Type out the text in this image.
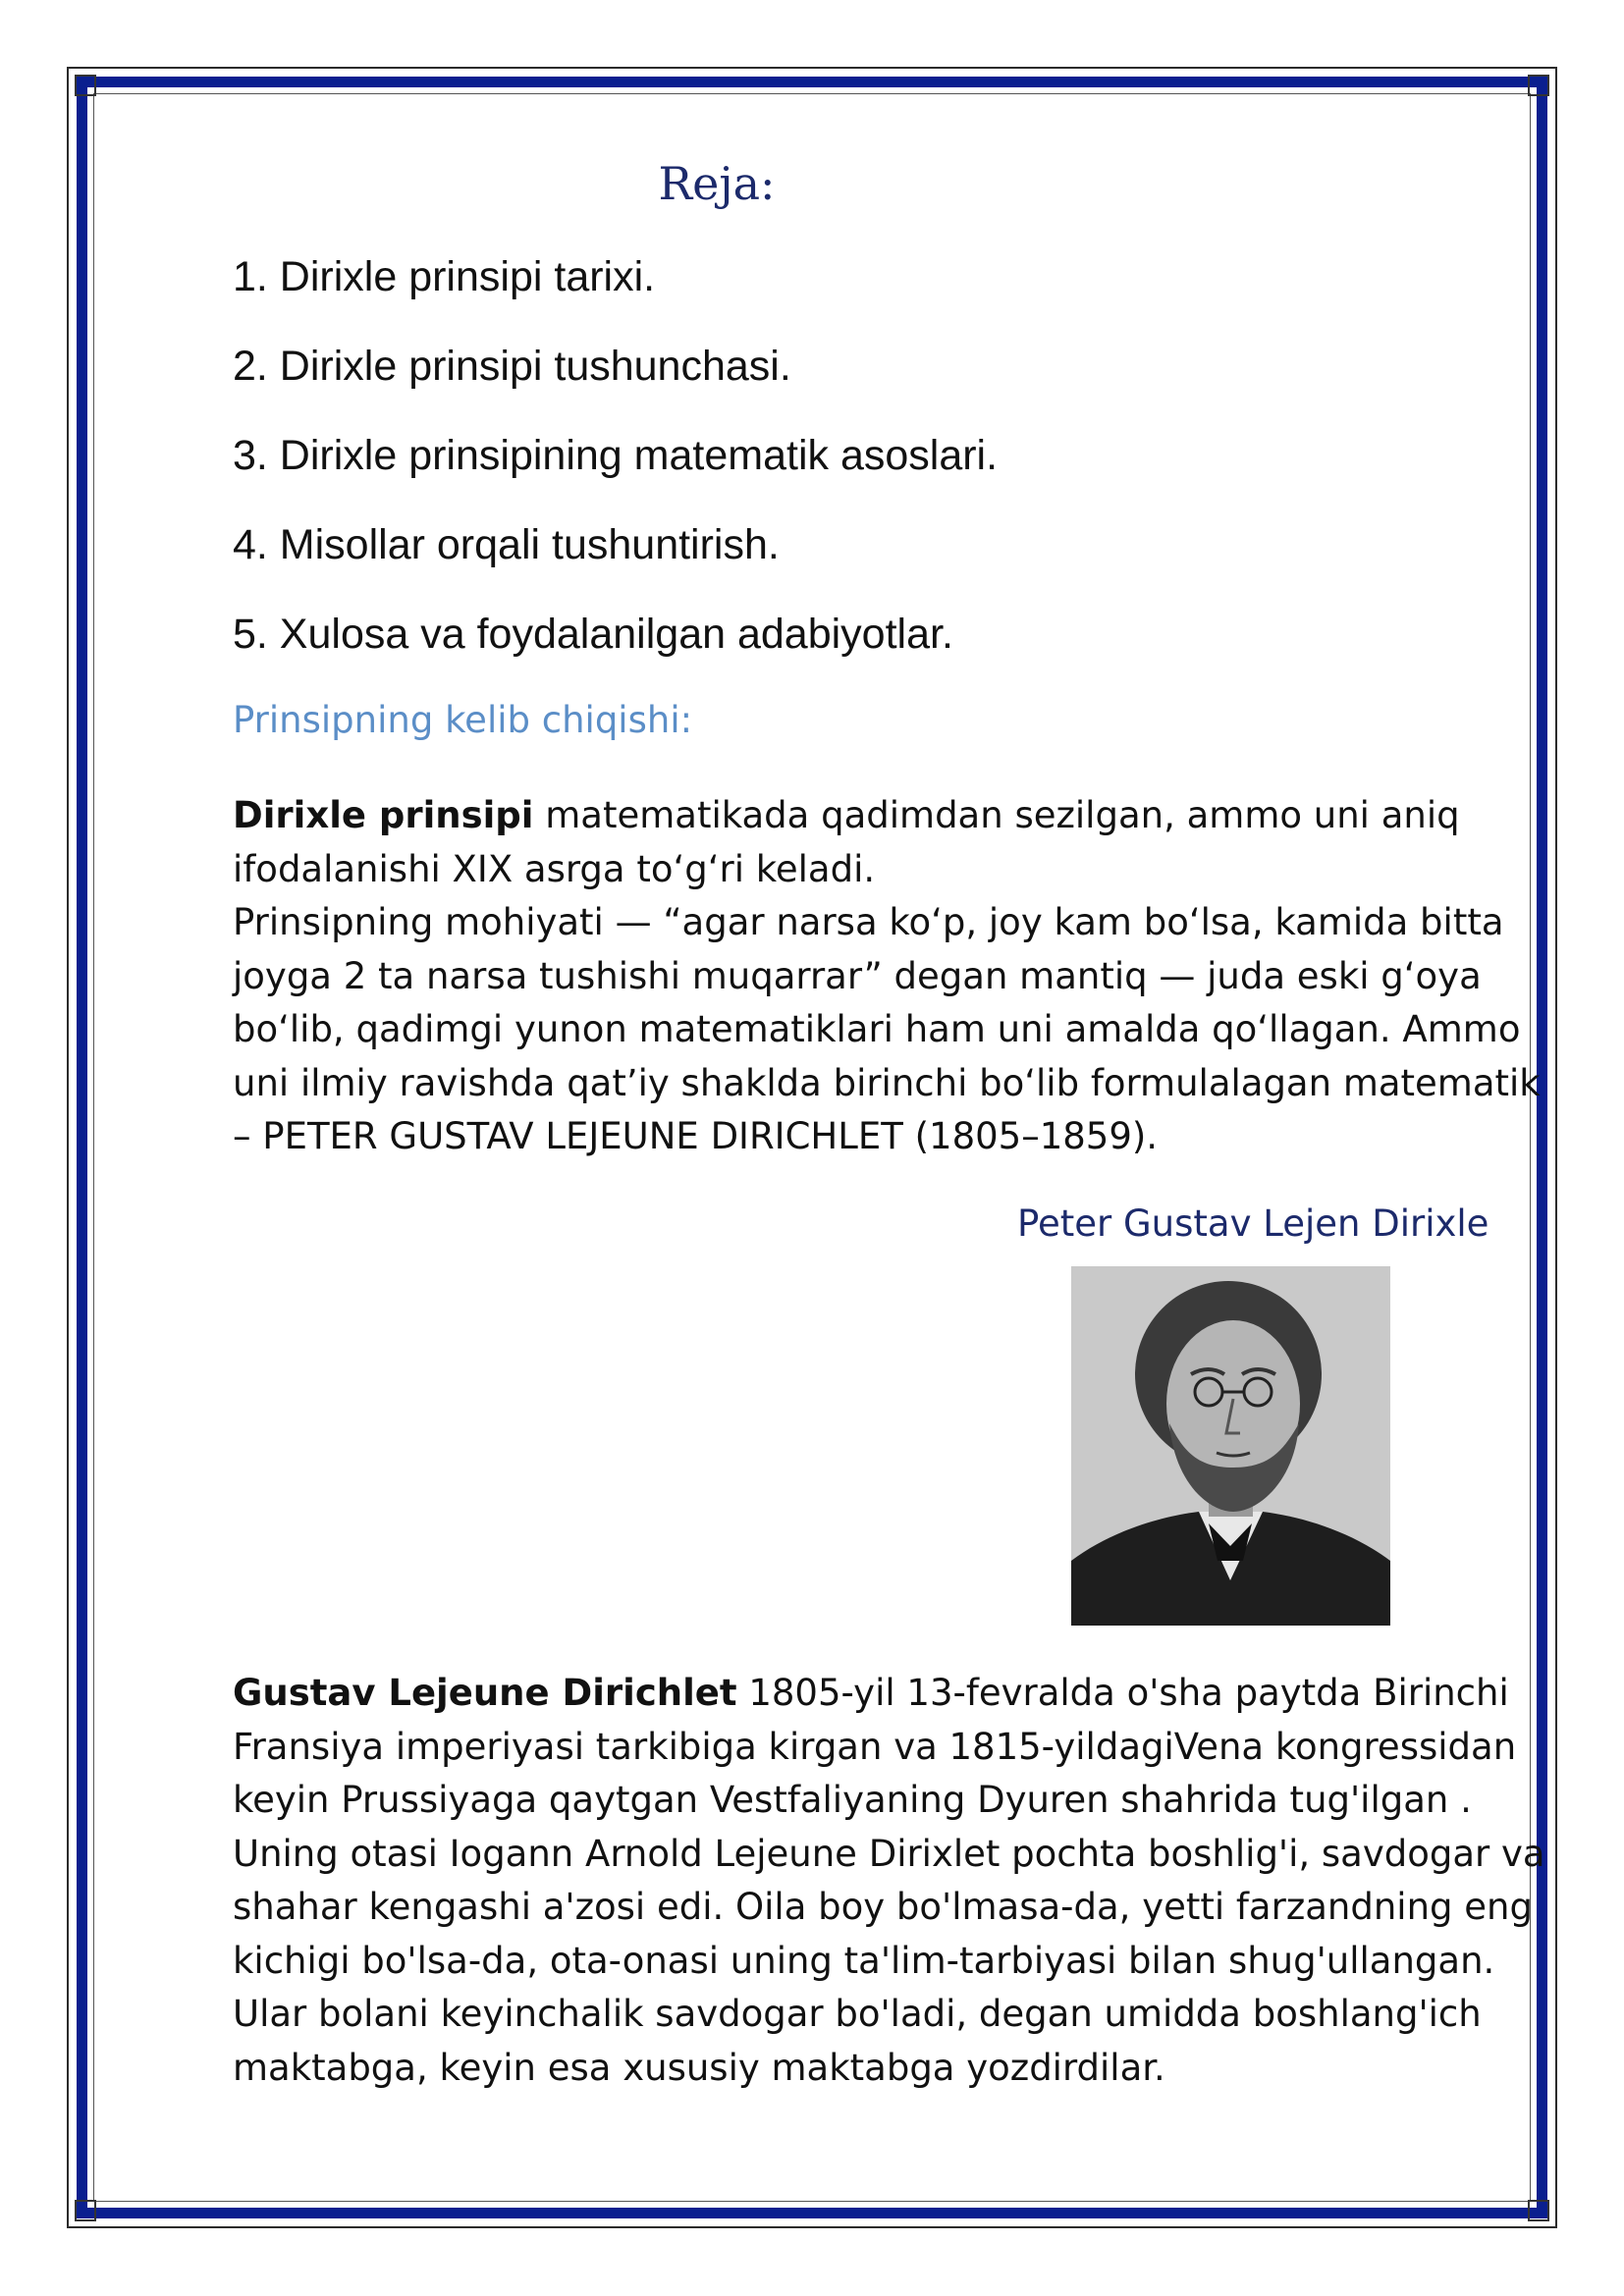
Reja:
1. Dirixle prinsipi tarixi.
2. Dirixle prinsipi tushunchasi.
3. Dirixle prinsipining matematik asoslari.
4. Misollar orqali tushuntirish.
5. Xulosa va foydalanilgan adabiyotlar.
Prinsipning kelib chiqishi:
Dirixle prinsipi matematikada qadimdan sezilgan, ammo uni aniq
ifodalanishi XIX asrga to‘g‘ri keladi.
Prinsipning mohiyati — “agar narsa ko‘p, joy kam bo‘lsa, kamida bitta
joyga 2 ta narsa tushishi muqarrar” degan mantiq — juda eski g‘oya
bo‘lib, qadimgi yunon matematiklari ham uni amalda qo‘llagan. Ammo
uni ilmiy ravishda qat’iy shaklda birinchi bo‘lib formulalagan matematik
– PETER GUSTAV LEJEUNE DIRICHLET (1805–1859).
Peter Gustav Lejen Dirixle
Gustav Lejeune Dirichlet 1805-yil 13-fevralda o'sha paytda Birinchi
Fransiya imperiyasi tarkibiga kirgan va 1815-yildagiVena kongressidan
keyin Prussiyaga qaytgan Vestfaliyaning Dyuren shahrida tug'ilgan .
Uning otasi Iogann Arnold Lejeune Dirixlet pochta boshlig'i, savdogar va
shahar kengashi a'zosi edi. Oila boy bo'lmasa-da, yetti farzandning eng
kichigi bo'lsa-da, ota-onasi uning ta'lim-tarbiyasi bilan shug'ullangan.
Ular bolani keyinchalik savdogar bo'ladi, degan umidda boshlang'ich
maktabga, keyin esa xususiy maktabga yozdirdilar.
